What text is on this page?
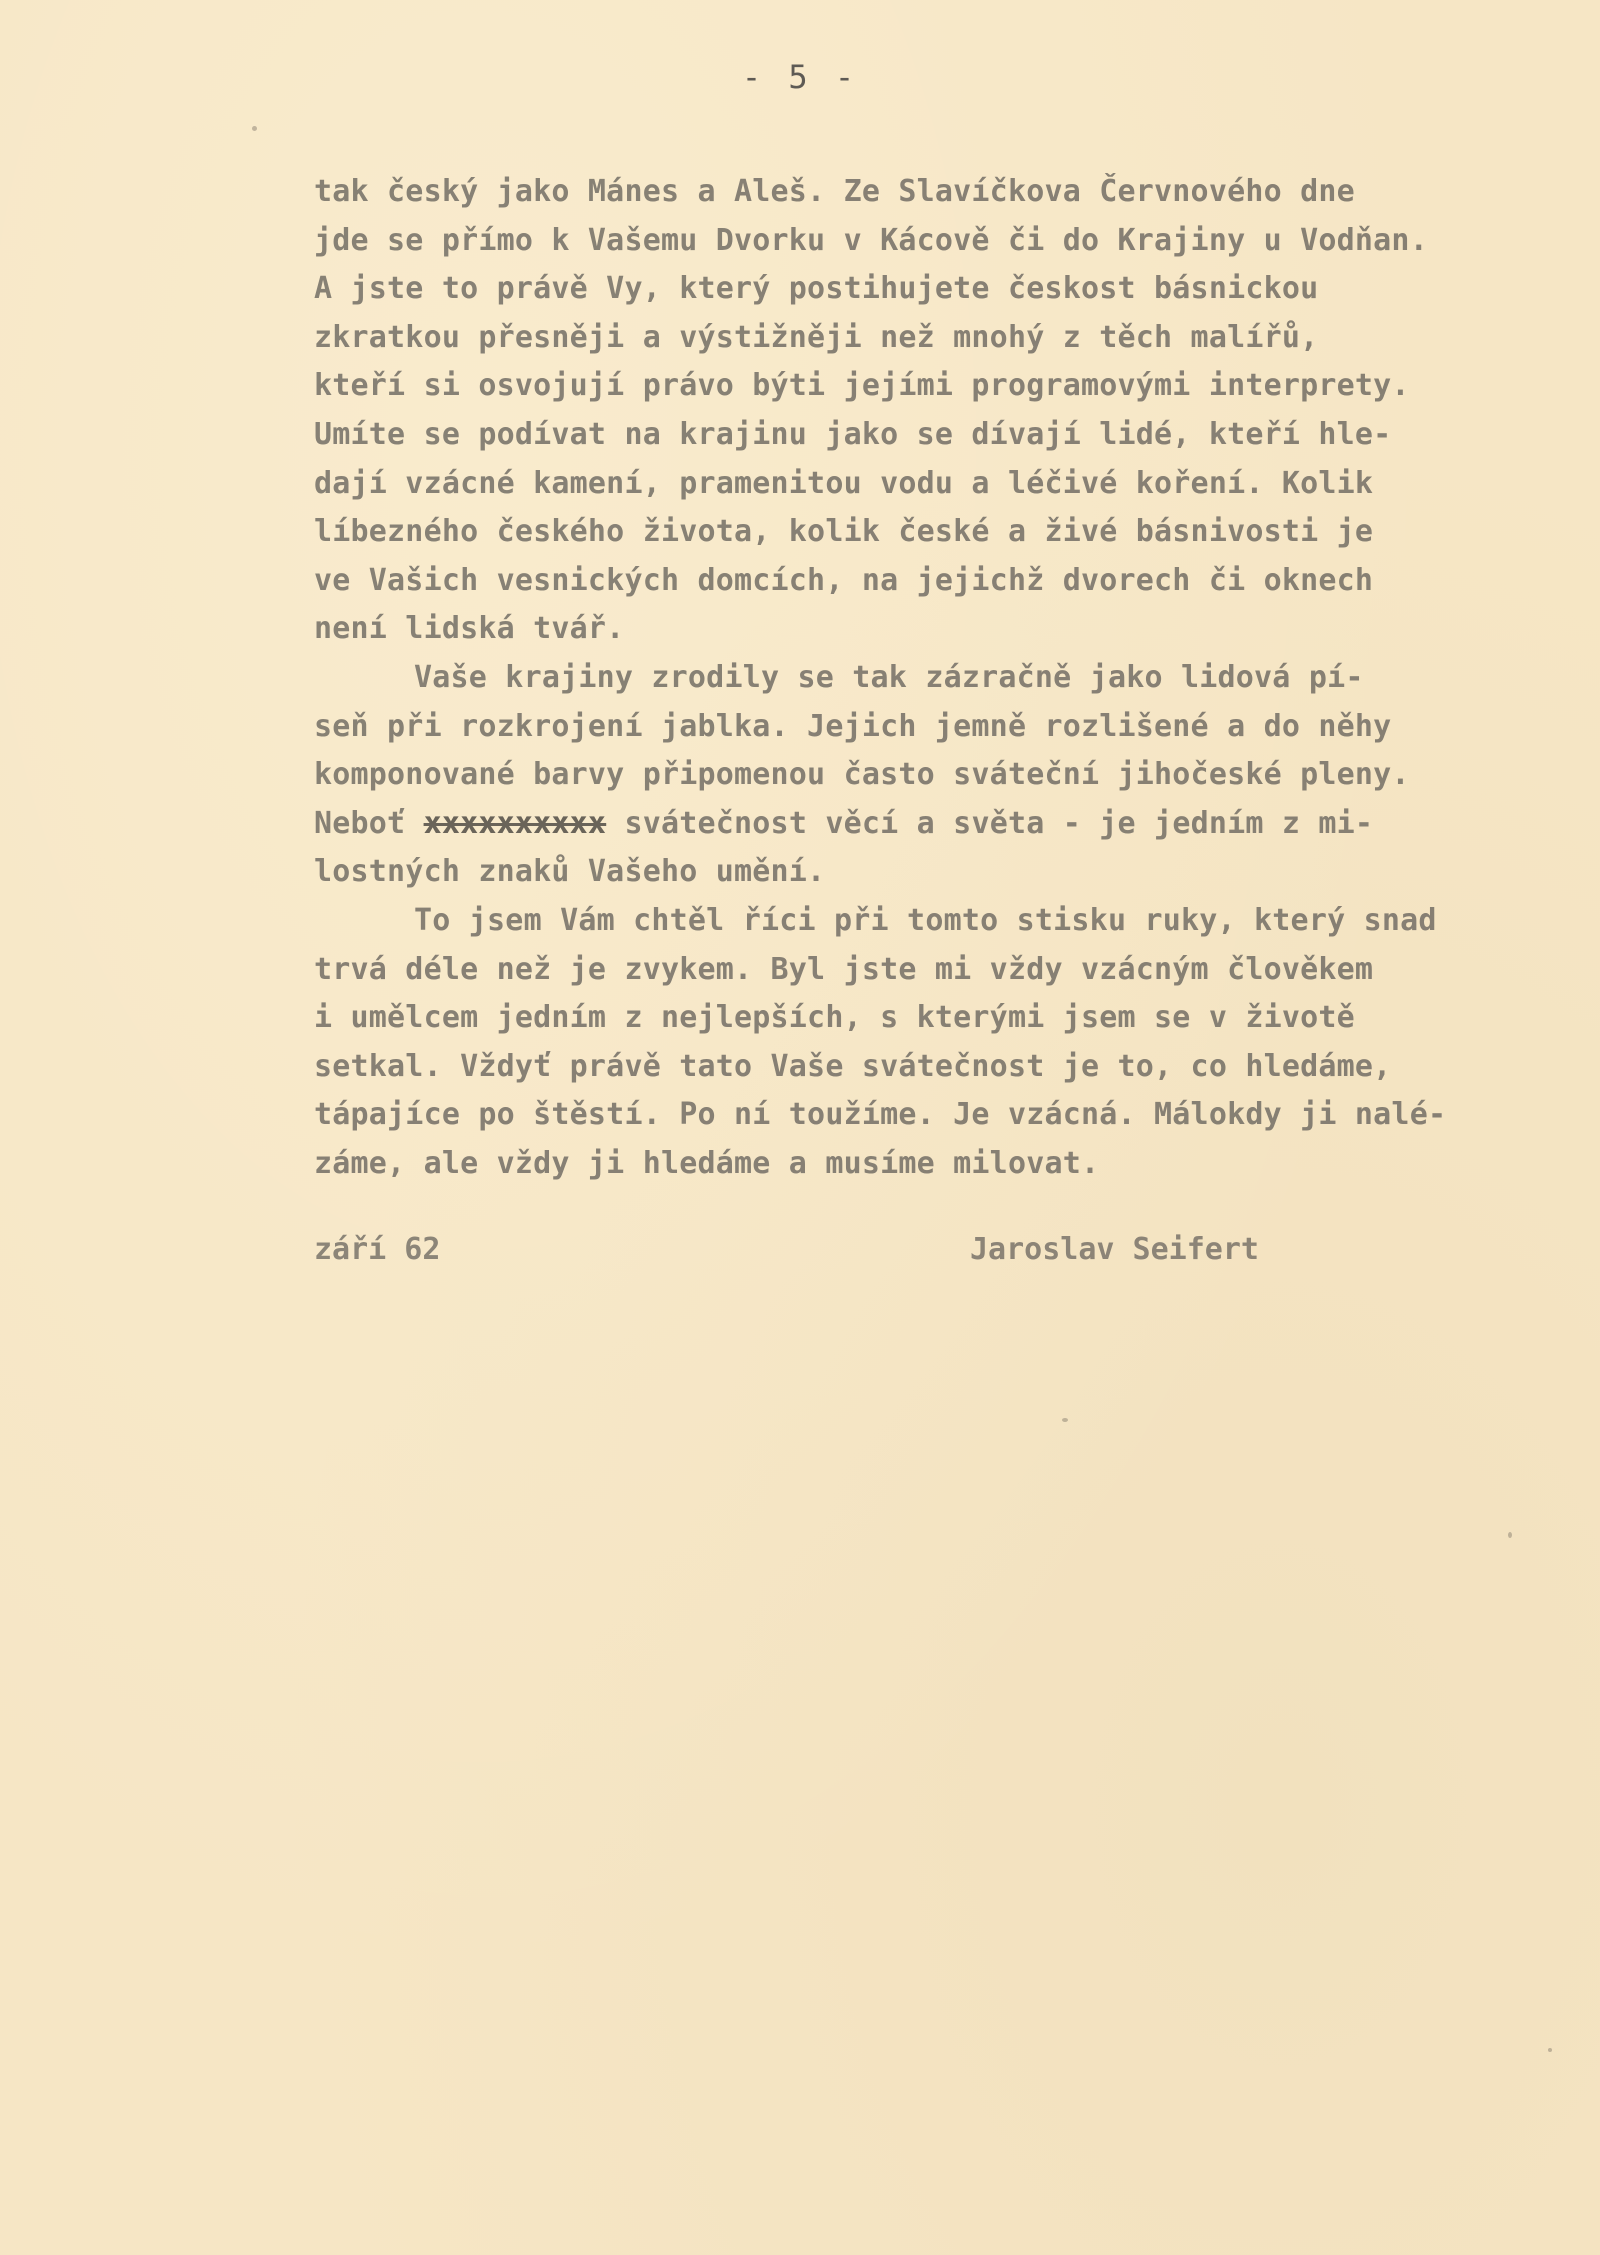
- 5 -
tak český jako Mánes a Aleš. Ze Slavíčkova Červnového dne
jde se přímo k Vašemu Dvorku v Kácově či do Krajiny u Vodňan.
A jste to právě Vy, který postihujete českost básnickou
zkratkou přesněji a výstižněji než mnohý z těch malířů,
kteří si osvojují právo býti jejími programovými interprety.
Umíte se podívat na krajinu jako se dívají lidé, kteří hle-
dají vzácné kamení, pramenitou vodu a léčivé koření. Kolik
líbezného českého života, kolik české a živé básnivosti je
ve Vašich vesnických domcích, na jejichž dvorech či oknech
není lidská tvář.
Vaše krajiny zrodily se tak zázračně jako lidová pí-
seň při rozkrojení jablka. Jejich jemně rozlišené a do něhy
komponované barvy připomenou často sváteční jihočeské pleny.
Neboť xxxxxxxxxx sváteč​nost věcí a světa - je jedním z mi-
lostných znaků Vašeho umění.
To jsem Vám chtěl říci při tomto stisku ruky, který snad
trvá déle než je zvykem. Byl jste mi vždy vzácným člověkem
i umělcem jedním z nejlepších, s kterými jsem se v životě
setkal. Vždyť právě tato Vaše svátečnost je to, co hledáme,
tápajíce po štěstí. Po ní toužíme. Je vzácná. Málokdy ji nalé-
záme, ale vždy ji hledáme a musíme milovat.
září 62	Jaroslav Seifert
